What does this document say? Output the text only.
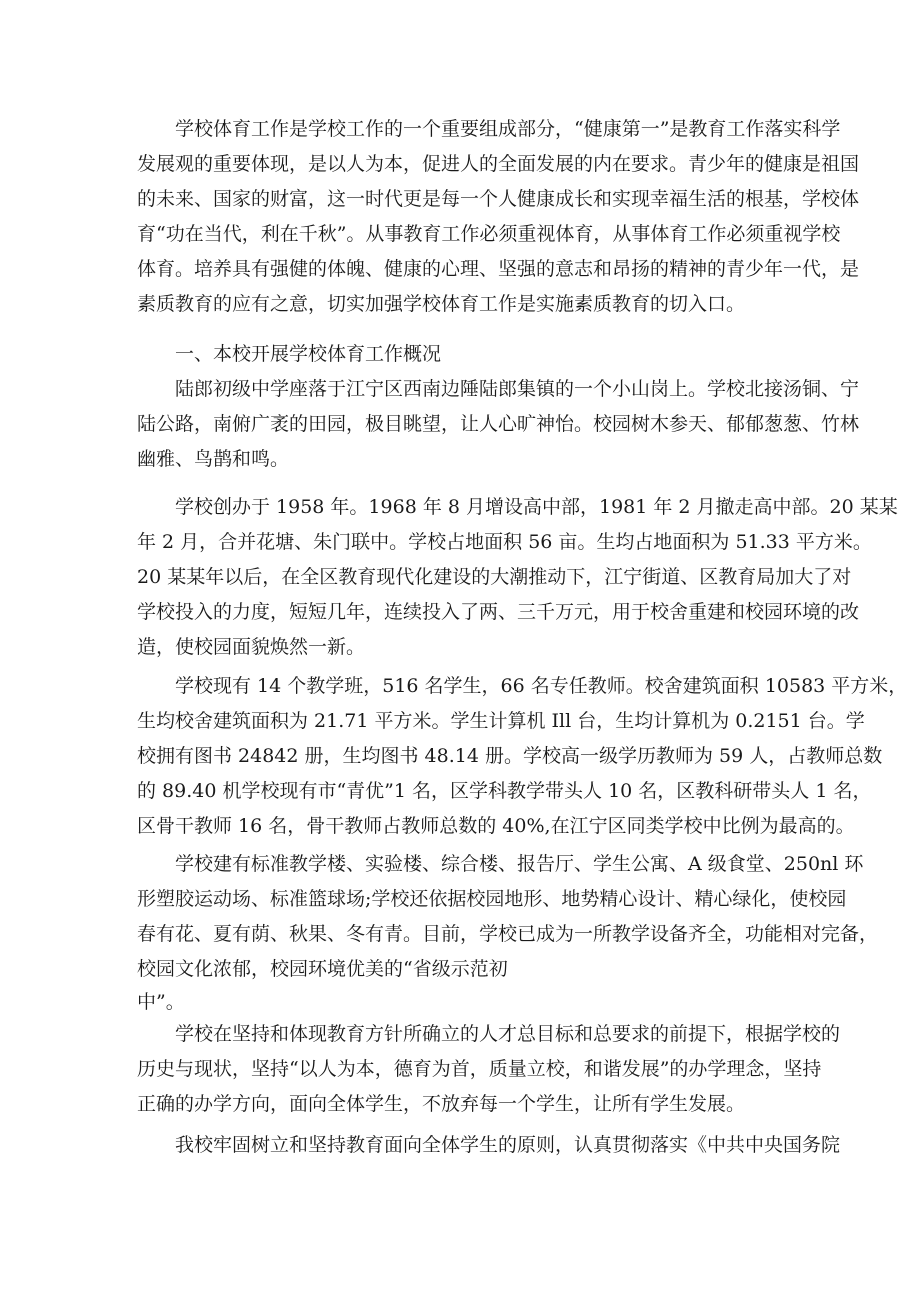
学校体育工作是学校工作的一个重要组成部分，“健康第一”是教育工作落实科学
发展观的重要体现，是以人为本，促进人的全面发展的内在要求。青少年的健康是祖国
的未来、国家的财富，这一时代更是每一个人健康成长和实现幸福生活的根基，学校体
育“功在当代，利在千秋”。从事教育工作必须重视体育，从事体育工作必须重视学校
体育。培养具有强健的体魄、健康的心理、坚强的意志和昂扬的精神的青少年一代，是
素质教育的应有之意，切实加强学校体育工作是实施素质教育的切入口。
一、本校开展学校体育工作概况
陆郎初级中学座落于江宁区西南边陲陆郎集镇的一个小山岗上。学校北接汤铜、宁
陆公路，南俯广袤的田园，极目眺望，让人心旷神怡。校园树木参天、郁郁葱葱、竹林
幽雅、鸟鹊和鸣。
学校创办于 1958 年。1968 年 8 月增设高中部，1981 年 2 月撤走高中部。20 某某
年 2 月，合并花塘、朱门联中。学校占地面积 56 亩。生均占地面积为 51.33 平方米。
20 某某年以后，在全区教育现代化建设的大潮推动下，江宁街道、区教育局加大了对
学校投入的力度，短短几年，连续投入了两、三千万元，用于校舍重建和校园环境的改
造，使校园面貌焕然一新。
学校现有 14 个教学班，516 名学生，66 名专任教师。校舍建筑面积 10583 平方米，
生均校舍建筑面积为 21.71 平方米。学生计算机 Ill 台，生均计算机为 0.2151 台。学
校拥有图书 24842 册，生均图书 48.14 册。学校高一级学历教师为 59 人，占教师总数
的 89.40 机学校现有市“青优”1 名，区学科教学带头人 10 名，区教科研带头人 1 名，
区骨干教师 16 名，骨干教师占教师总数的 40%,在江宁区同类学校中比例为最高的。
学校建有标准教学楼、实验楼、综合楼、报告厅、学生公寓、A 级食堂、250nl 环
形塑胶运动场、标准篮球场;学校还依据校园地形、地势精心设计、精心绿化，使校园
春有花、夏有荫、秋果、冬有青。目前，学校已成为一所教学设备齐全，功能相对完备，
校园文化浓郁，校园环境优美的“省级示范初
中”。
学校在坚持和体现教育方针所确立的人才总目标和总要求的前提下，根据学校的
历史与现状，坚持“以人为本，德育为首，质量立校，和谐发展”的办学理念，坚持
正确的办学方向，面向全体学生，不放弃每一个学生，让所有学生发展。
我校牢固树立和坚持教育面向全体学生的原则，认真贯彻落实《中共中央国务院
